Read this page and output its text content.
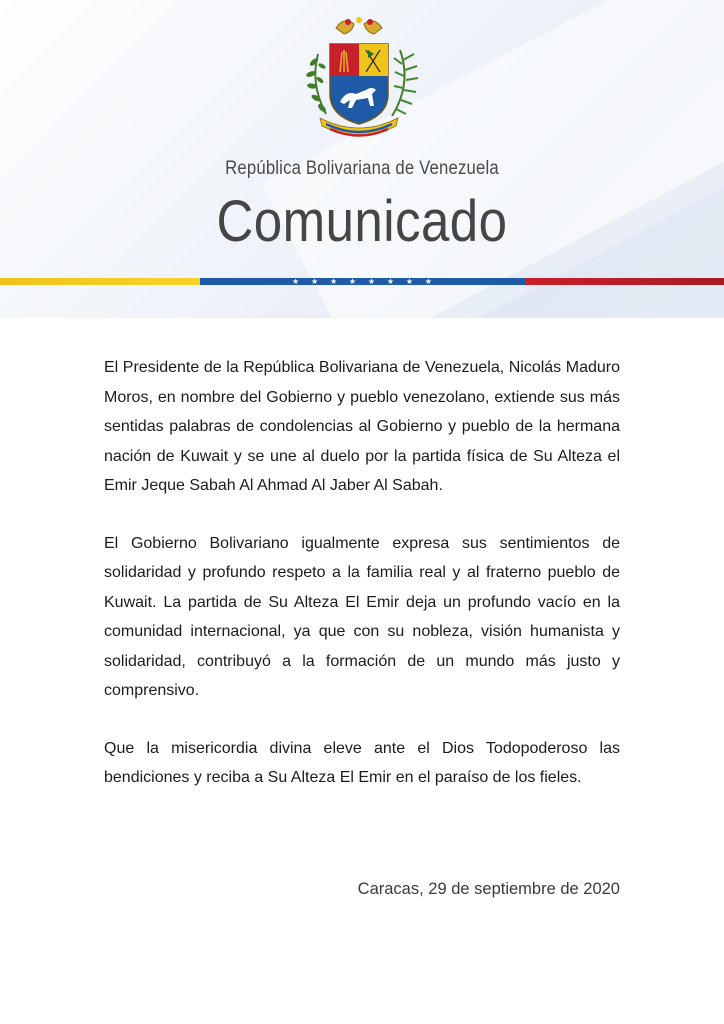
República Bolivariana de Venezuela
Comunicado
★ ★ ★ ★ ★ ★ ★ ★

El Presidente de la República Bolivariana de Venezuela, Nicolás Maduro Moros, en nombre del Gobierno y pueblo venezolano, extiende sus más sentidas palabras de condolencias al Gobierno y pueblo de la hermana nación de Kuwait y se une al duelo por la partida física de Su Alteza el Emir Jeque Sabah Al Ahmad Al Jaber Al Sabah.

El Gobierno Bolivariano igualmente expresa sus sentimientos de solidaridad y profundo respeto a la familia real y al fraterno pueblo de Kuwait. La partida de Su Alteza El Emir deja un profundo vacío en la comunidad internacional, ya que con su nobleza, visión humanista y solidaridad, contribuyó a la formación de un mundo más justo y comprensivo.

Que la misericordia divina eleve ante el Dios Todopoderoso las bendiciones y reciba a Su Alteza El Emir en el paraíso de los fieles.

Caracas, 29 de septiembre de 2020
